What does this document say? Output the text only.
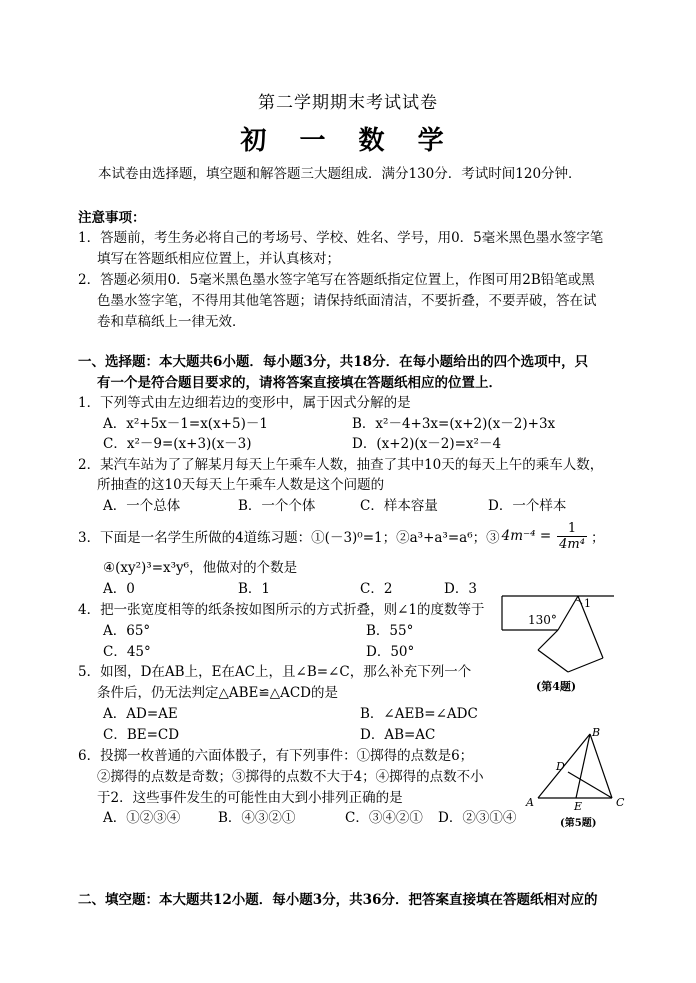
第二学期期末考试试卷
初 一 数 学
本试卷由选择题，填空题和解答题三大题组成．满分130分．考试时间120分钟．
注意事项：
1．答题前，考生务必将自己的考场号、学校、姓名、学号，用0．5毫米黑色墨水签字笔
填写在答题纸相应位置上，并认真核对；
2．答题必须用0．5毫米黑色墨水签字笔写在答题纸指定位置上，作图可用2B铅笔或黑
色墨水签字笔，不得用其他笔答题；请保持纸面清洁，不要折叠，不要弄破，答在试
卷和草稿纸上一律无效．
一、选择题：本大题共6小题．每小题3分，共18分．在每小题给出的四个选项中，只
有一个是符合题目要求的，请将答案直接填在答题纸相应的位置上．
1．下列等式由左边细若边的变形中，属于因式分解的是
A．x²+5x－1=x(x+5)－1	B．x²－4+3x=(x+2)(x－2)+3x
C．x²－9=(x+3)(x－3)	D．(x+2)(x－2)=x²－4
2．某汽车站为了了解某月每天上午乘车人数，抽查了其中10天的每天上午的乘车人数，
所抽查的这10天每天上午乘车人数是这个问题的
A．一个总体	B．一个个体	C．样本容量	D．一个样本
3．下面是一名学生所做的4道练习题：①(－3)⁰=1；②a³+a³=a⁶；③ $4m^{-4} = \frac{1}{\text{4m⁴}}$ ；
④(xy²)³=x³y⁶，他做对的个数是
A．0	B．1	C．2	D．3
4．把一张宽度相等的纸条按如图所示的方式折叠，则∠1的度数等于
A．65°	B．55°
C．45°	D．50°
130°
1
(第4题)
5．如图，D在AB上，E在AC上，且∠B=∠C，那么补充下列一个
条件后，仍无法判定△ABE≌△ACD的是
A．AD=AE	B．∠AEB=∠ADC
C．BE=CD	D．AB=AC	B
D
A	E	C
(第5题)
6．投掷一枚普通的六面体骰子，有下列事件：①掷得的点数是6；
②掷得的点数是奇数；③掷得的点数不大于4；④掷得的点数不小
于2．这些事件发生的可能性由大到小排列正确的是
A．①②③④	B．④③②①	C．③④②① D．②③①④
二、填空题：本大题共12小题．每小题3分，共36分．把答案直接填在答题纸相对应的
